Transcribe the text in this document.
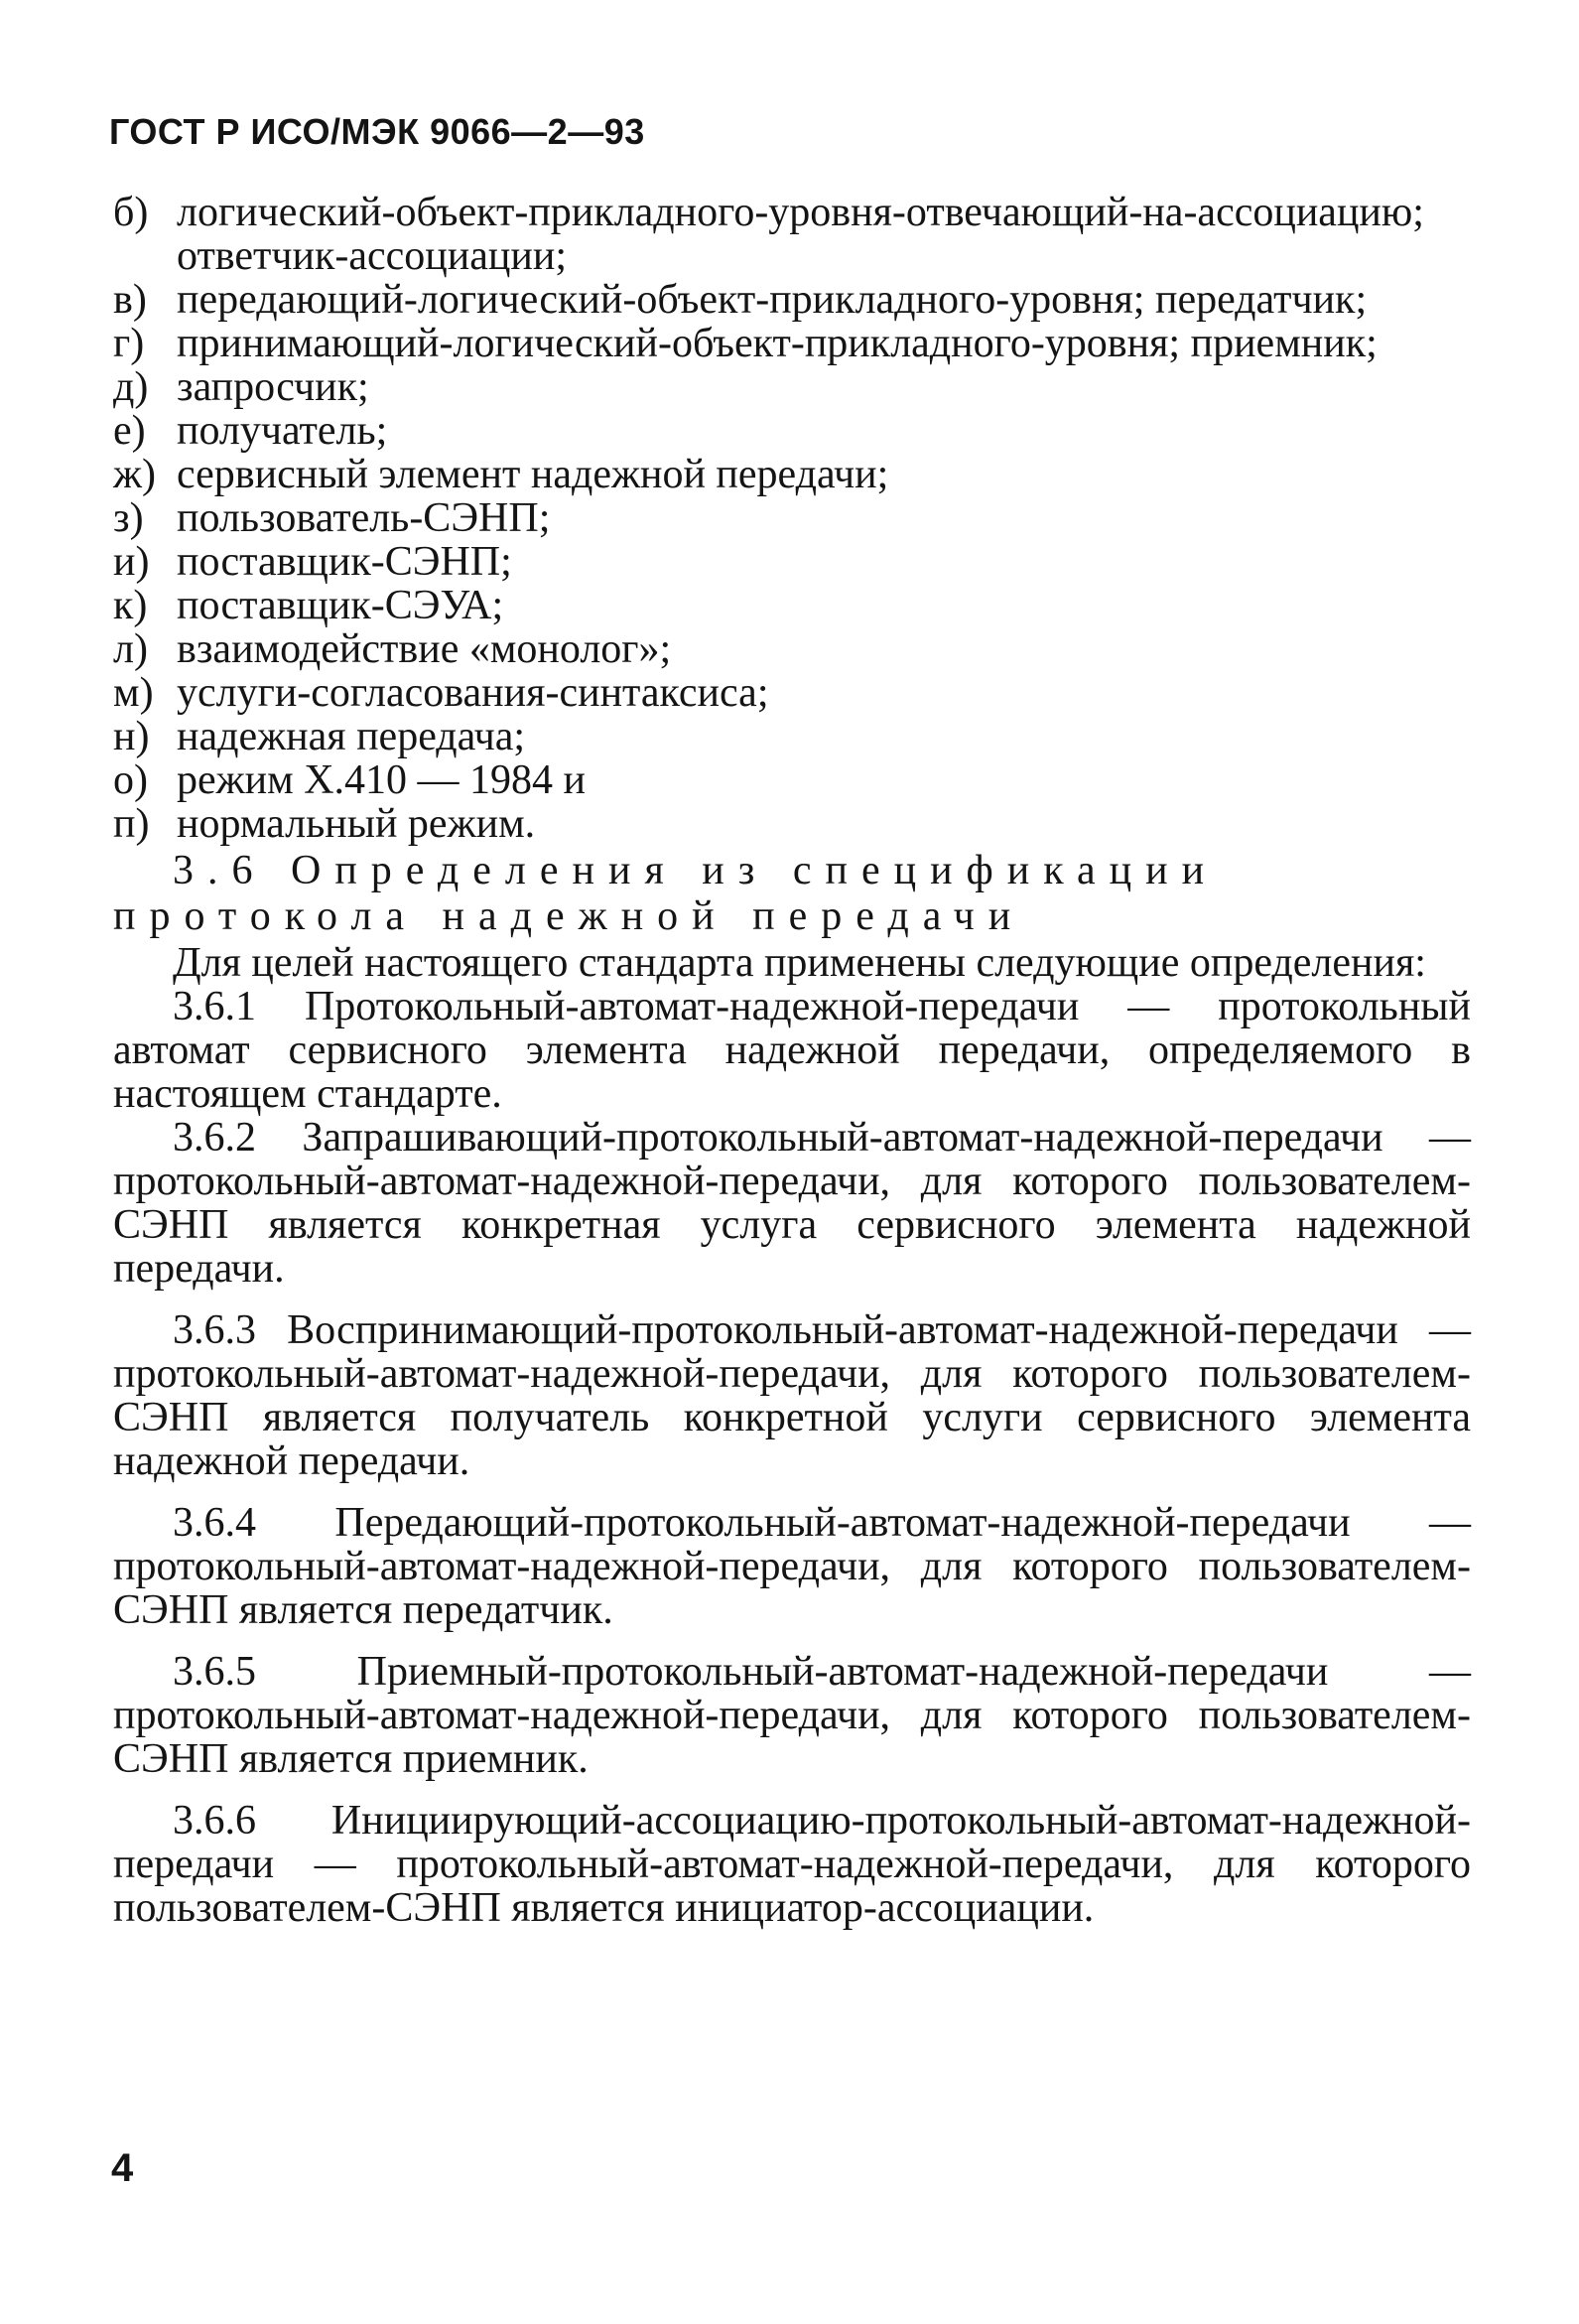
ГОСТ Р ИСО/МЭК 9066—2—93
б) логический-объект-прикладного-уровня-отвечающий-на-ассоциацию; ответчик-ассоциации;
в) передающий-логический-объект-прикладного-уровня; передатчик;
г) принимающий-логический-объект-прикладного-уровня; приемник;
д) запросчик;
е) получатель;
ж) сервисный элемент надежной передачи;
з) пользователь-СЭНП;
и) поставщик-СЭНП;
к) поставщик-СЭУА;
л) взаимодействие «монолог»;
м) услуги-согласования-синтаксиса;
н) надежная передача;
о) режим X.410 — 1984 и
п) нормальный режим.
3.6 Определения из спецификации протокола надежной передачи

Для целей настоящего стандарта применены следующие определения:

3.6.1 Протокольный-автомат-надежной-передачи — протокольный автомат сервисного элемента надежной передачи, определяемого в настоящем стандарте.

3.6.2 Запрашивающий-протокольный-автомат-надежной-передачи — протокольный-автомат-надежной-передачи, для которого пользователем-СЭНП является конкретная услуга сервисного элемента надежной передачи.

3.6.3 Воспринимающий-протокольный-автомат-надежной-передачи — протокольный-автомат-надежной-передачи, для которого пользователем-СЭНП является получатель конкретной услуги сервисного элемента надежной передачи.

3.6.4 Передающий-протокольный-автомат-надежной-передачи — протокольный-автомат-надежной-передачи, для которого пользователем-СЭНП является передатчик.

3.6.5 Приемный-протокольный-автомат-надежной-передачи — протокольный-автомат-надежной-передачи, для которого пользователем-СЭНП является приемник.

3.6.6 Инициирующий-ассоциацию-протокольный-автомат-надежной-передачи — протокольный-автомат-надежной-передачи, для которого пользователем-СЭНП является инициатор-ассоциации.

4
